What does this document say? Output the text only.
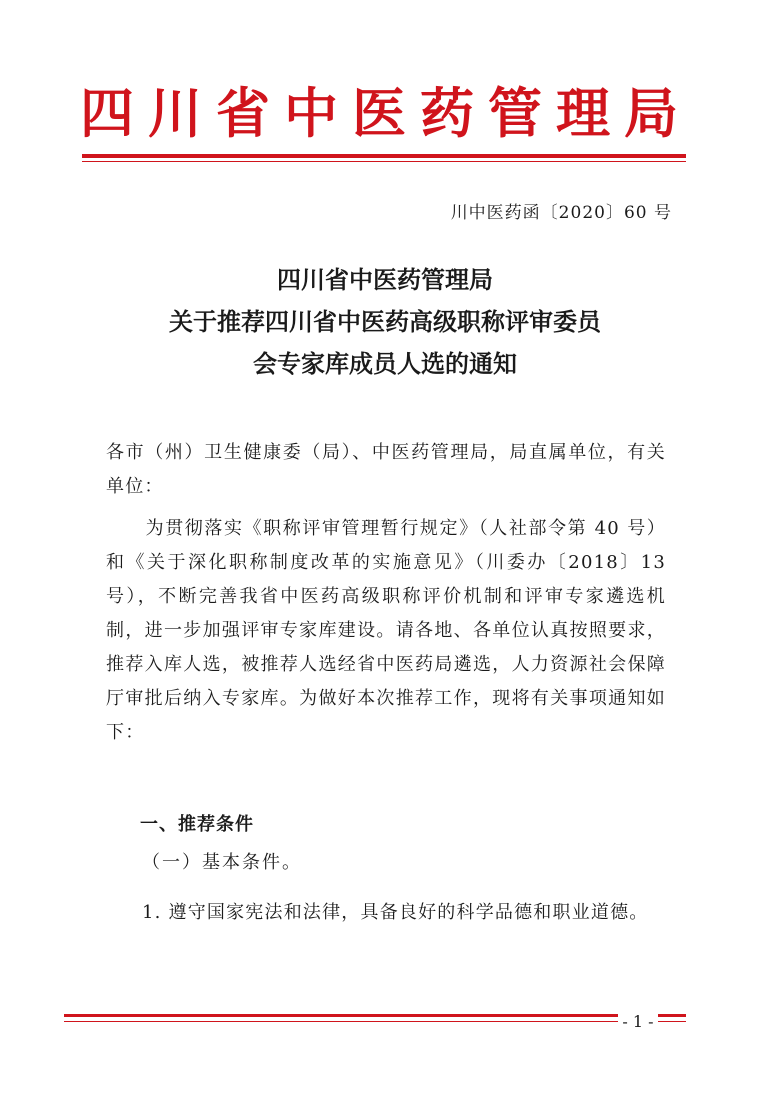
四川省中医药管理局
川中医药函〔2020〕60 号
四川省中医药管理局
关于推荐四川省中医药高级职称评审委员
会专家库成员人选的通知

各市（州）卫生健康委（局）、中医药管理局，局直属单位，有关单位：

为贯彻落实《职称评审管理暂行规定》（人社部令第 40 号）和《关于深化职称制度改革的实施意见》（川委办〔2018〕13 号），不断完善我省中医药高级职称评价机制和评审专家遴选机制，进一步加强评审专家库建设。请各地、各单位认真按照要求，推荐入库人选，被推荐人选经省中医药局遴选，人力资源社会保障厅审批后纳入专家库。为做好本次推荐工作，现将有关事项通知如下：

一、推荐条件
（一）基本条件。

1. 遵守国家宪法和法律，具备良好的科学品德和职业道德。

- 1 -
